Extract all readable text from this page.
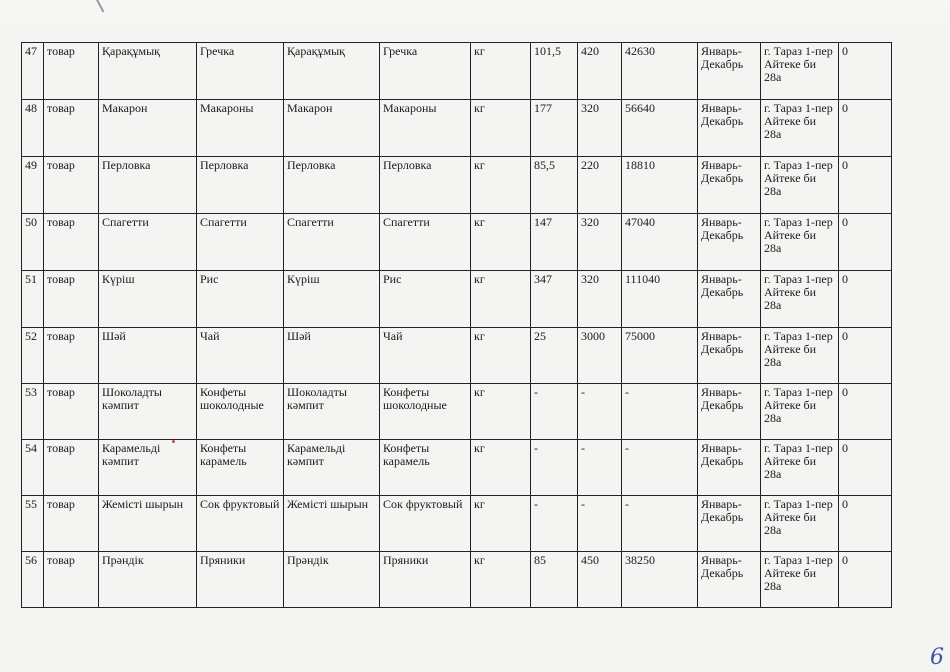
47	товар	Қарақұмық	Гречка	Қарақұмық	Гречка	кг	101,5	420	42630	Январь-Декабрь	г. Тараз 1-пер Айтеке би 28а	0
48	товар	Макарон	Макароны	Макарон	Макароны	кг	177	320	56640	Январь-Декабрь	г. Тараз 1-пер Айтеке би 28а	0
49	товар	Перловка	Перловка	Перловка	Перловка	кг	85,5	220	18810	Январь-Декабрь	г. Тараз 1-пер Айтеке би 28а	0
50	товар	Спагетти	Спагетти	Спагетти	Спагетти	кг	147	320	47040	Январь-Декабрь	г. Тараз 1-пер Айтеке би 28а	0
51	товар	Күріш	Рис	Күріш	Рис	кг	347	320	111040	Январь-Декабрь	г. Тараз 1-пер Айтеке би 28а	0
52	товар	Шәй	Чай	Шәй	Чай	кг	25	3000	75000	Январь-Декабрь	г. Тараз 1-пер Айтеке би 28а	0
53	товар	Шоколадты кәмпит	Конфеты шоколодные	Шоколадты кәмпит	Конфеты шоколодные	кг	-	-	-	Январь-Декабрь	г. Тараз 1-пер Айтеке би 28а	0
54	товар	Карамельді кәмпит	Конфеты карамель	Карамельді кәмпит	Конфеты карамель	кг	-	-	-	Январь-Декабрь	г. Тараз 1-пер Айтеке би 28а	0
55	товар	Жемісті шырын	Сок фруктовый	Жемісті шырын	Сок фруктовый	кг	-	-	-	Январь-Декабрь	г. Тараз 1-пер Айтеке би 28а	0
56	товар	Прәндік	Пряники	Прәндік	Пряники	кг	85	450	38250	Январь-Декабрь	г. Тараз 1-пер Айтеке би 28а	0
6
